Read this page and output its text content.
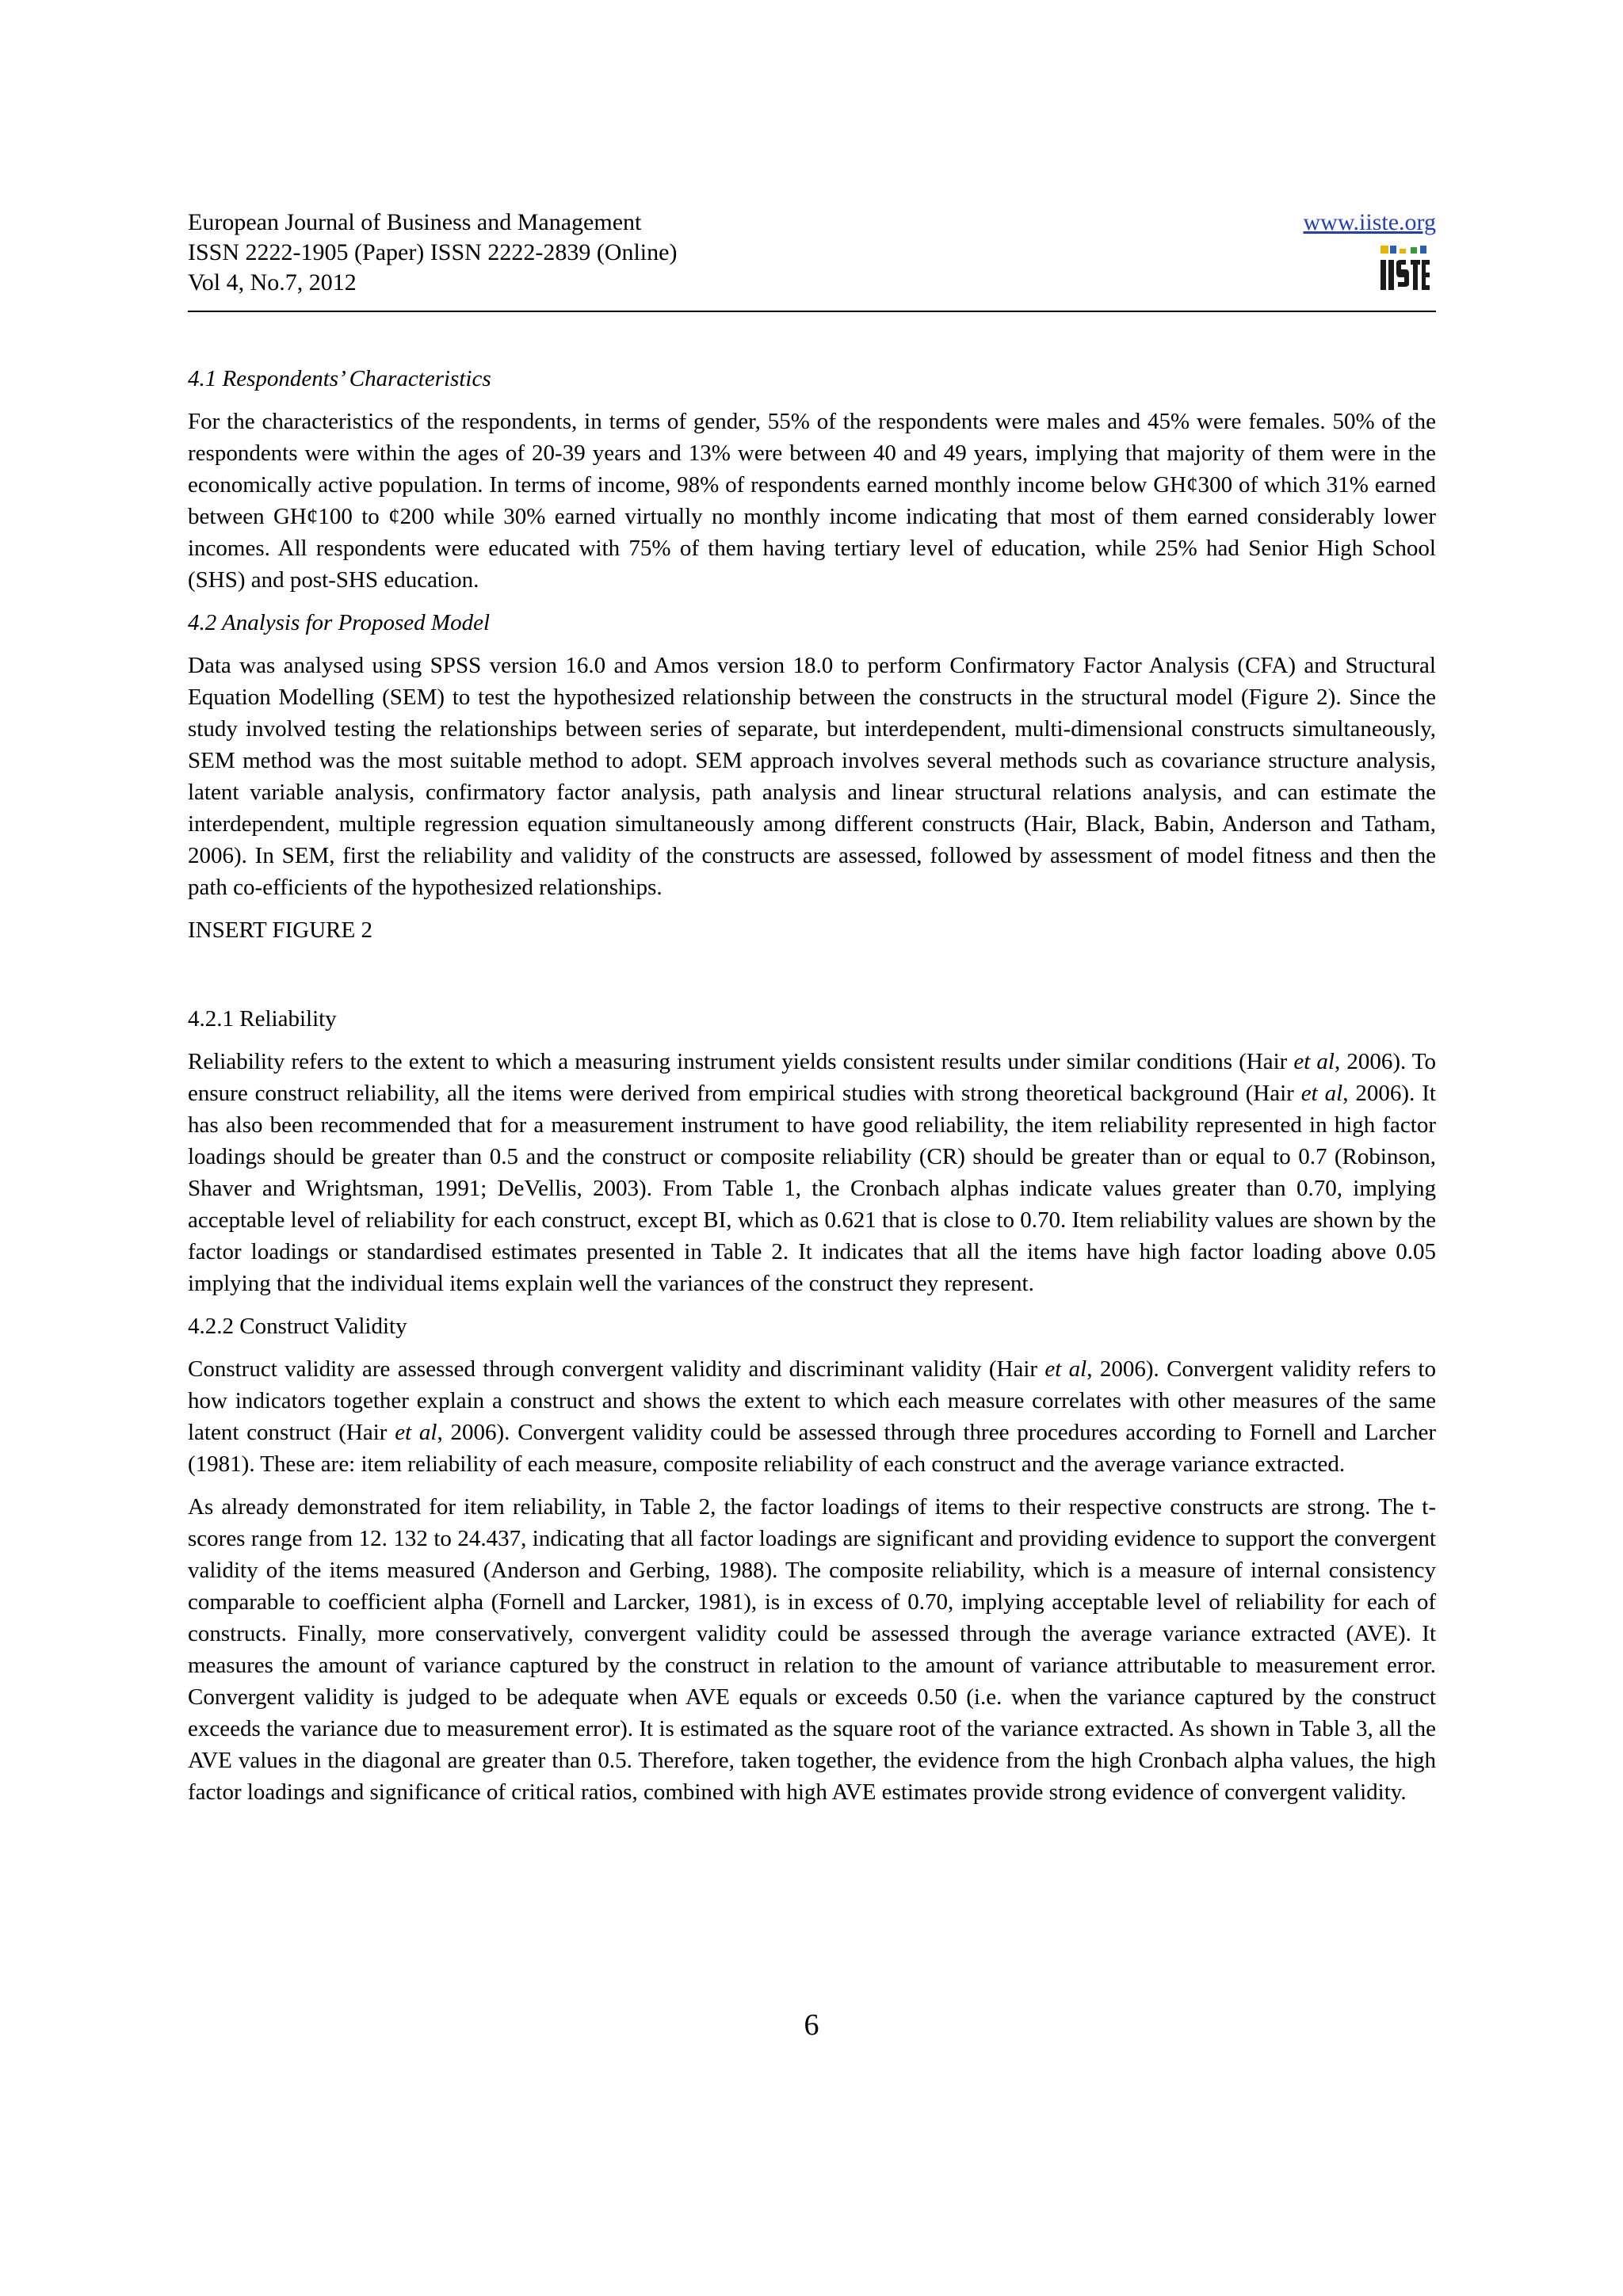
European Journal of Business and Management
ISSN 2222-1905 (Paper) ISSN 2222-2839 (Online)
Vol 4, No.7, 2012
www.iiste.org

4.1 Respondents’ Characteristics

For the characteristics of the respondents, in terms of gender, 55% of the respondents were males and 45% were females. 50% of the respondents were within the ages of 20-39 years and 13% were between 40 and 49 years, implying that majority of them were in the economically active population. In terms of income, 98% of respondents earned monthly income below GH¢300 of which 31% earned between GH¢100 to ¢200 while 30% earned virtually no monthly income indicating that most of them earned considerably lower incomes. All respondents were educated with 75% of them having tertiary level of education, while 25% had Senior High School (SHS) and post-SHS education.

4.2 Analysis for Proposed Model

Data was analysed using SPSS version 16.0 and Amos version 18.0 to perform Confirmatory Factor Analysis (CFA) and Structural Equation Modelling (SEM) to test the hypothesized relationship between the constructs in the structural model (Figure 2). Since the study involved testing the relationships between series of separate, but interdependent, multi-dimensional constructs simultaneously, SEM method was the most suitable method to adopt. SEM approach involves several methods such as covariance structure analysis, latent variable analysis, confirmatory factor analysis, path analysis and linear structural relations analysis, and can estimate the interdependent, multiple regression equation simultaneously among different constructs (Hair, Black, Babin, Anderson and Tatham, 2006). In SEM, first the reliability and validity of the constructs are assessed, followed by assessment of model fitness and then the path co-efficients of the hypothesized relationships.

INSERT FIGURE 2

4.2.1 Reliability

Reliability refers to the extent to which a measuring instrument yields consistent results under similar conditions (Hair et al, 2006). To ensure construct reliability, all the items were derived from empirical studies with strong theoretical background (Hair et al, 2006). It has also been recommended that for a measurement instrument to have good reliability, the item reliability represented in high factor loadings should be greater than 0.5 and the construct or composite reliability (CR) should be greater than or equal to 0.7 (Robinson, Shaver and Wrightsman, 1991; DeVellis, 2003). From Table 1, the Cronbach alphas indicate values greater than 0.70, implying acceptable level of reliability for each construct, except BI, which as 0.621 that is close to 0.70. Item reliability values are shown by the factor loadings or standardised estimates presented in Table 2. It indicates that all the items have high factor loading above 0.05 implying that the individual items explain well the variances of the construct they represent.

4.2.2 Construct Validity

Construct validity are assessed through convergent validity and discriminant validity (Hair et al, 2006). Convergent validity refers to how indicators together explain a construct and shows the extent to which each measure correlates with other measures of the same latent construct (Hair et al, 2006). Convergent validity could be assessed through three procedures according to Fornell and Larcher (1981). These are: item reliability of each measure, composite reliability of each construct and the average variance extracted.

As already demonstrated for item reliability, in Table 2, the factor loadings of items to their respective constructs are strong. The t- scores range from 12. 132 to 24.437, indicating that all factor loadings are significant and providing evidence to support the convergent validity of the items measured (Anderson and Gerbing, 1988). The composite reliability, which is a measure of internal consistency comparable to coefficient alpha (Fornell and Larcker, 1981), is in excess of 0.70, implying acceptable level of reliability for each of constructs. Finally, more conservatively, convergent validity could be assessed through the average variance extracted (AVE). It measures the amount of variance captured by the construct in relation to the amount of variance attributable to measurement error. Convergent validity is judged to be adequate when AVE equals or exceeds 0.50 (i.e. when the variance captured by the construct exceeds the variance due to measurement error). It is estimated as the square root of the variance extracted. As shown in Table 3, all the AVE values in the diagonal are greater than 0.5. Therefore, taken together, the evidence from the high Cronbach alpha values, the high factor loadings and significance of critical ratios, combined with high AVE estimates provide strong evidence of convergent validity.

6
